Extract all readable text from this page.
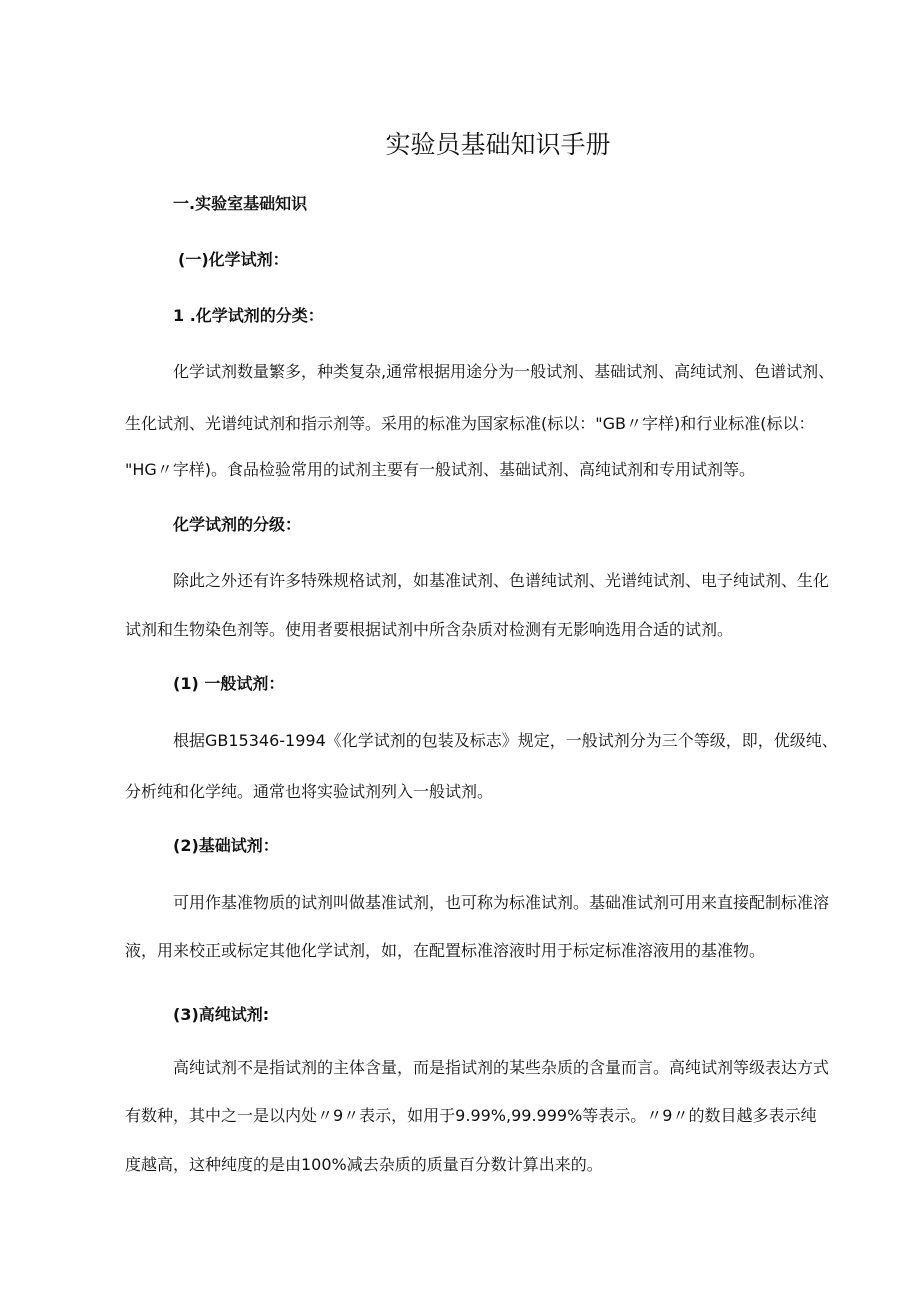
实验员基础知识手册
一.实验室基础知识
(一)化学试剂：
1 .化学试剂的分类：
化学试剂数量繁多，种类复杂,通常根据用途分为一般试剂、基础试剂、高纯试剂、色谱试剂、
生化试剂、光谱纯试剂和指示剂等。采用的标准为国家标准(标以："GB〃字样)和行业标准(标以：
"HG〃字样)。食品检验常用的试剂主要有一般试剂、基础试剂、高纯试剂和专用试剂等。
化学试剂的分级：
除此之外还有许多特殊规格试剂，如基准试剂、色谱纯试剂、光谱纯试剂、电子纯试剂、生化
试剂和生物染色剂等。使用者要根据试剂中所含杂质对检测有无影响选用合适的试剂。
(1) 一般试剂：
根据GB15346-1994《化学试剂的包装及标志》规定，一般试剂分为三个等级，即，优级纯、
分析纯和化学纯。通常也将实验试剂列入一般试剂。
(2)基础试剂：
可用作基准物质的试剂叫做基准试剂，也可称为标准试剂。基础准试剂可用来直接配制标准溶
液，用来校正或标定其他化学试剂，如，在配置标准溶液时用于标定标准溶液用的基准物。
(3)高纯试剂:
高纯试剂不是指试剂的主体含量，而是指试剂的某些杂质的含量而言。高纯试剂等级表达方式
有数种，其中之一是以内处〃9〃表示，如用于9.99%,99.999%等表示。〃9〃的数目越多表示纯
度越高，这种纯度的是由100%减去杂质的质量百分数计算出来的。
